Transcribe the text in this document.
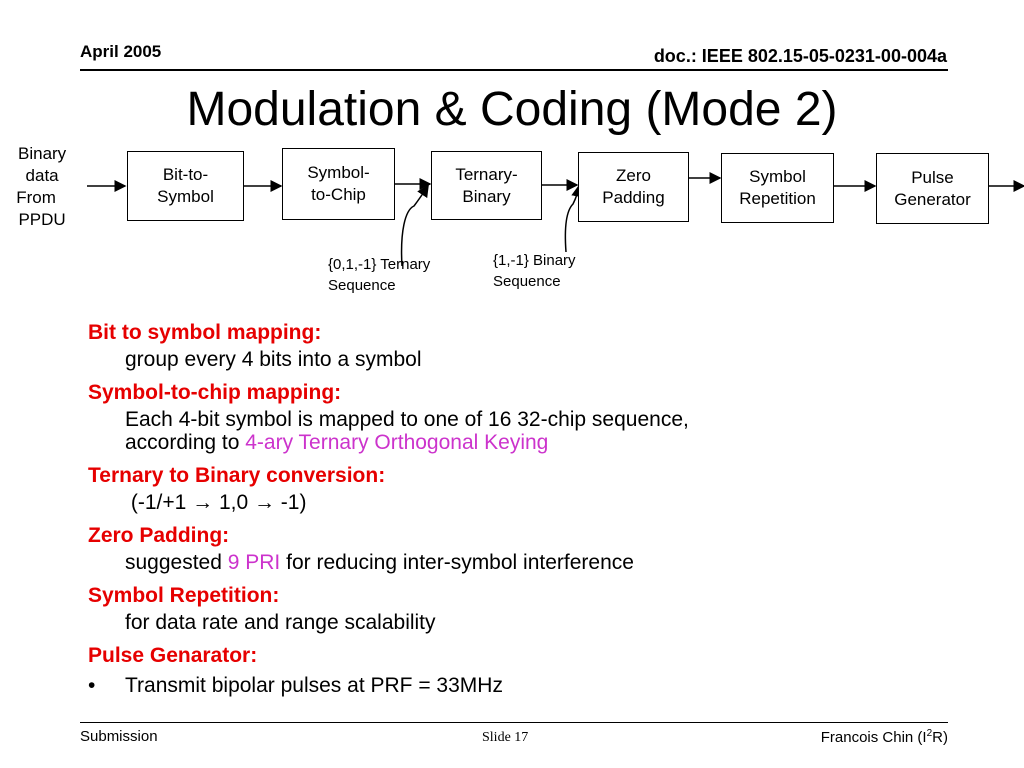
April 2005	doc.: IEEE 802.15-05-0231-00-004a
Modulation & Coding (Mode 2)
Binary
data
From
PPDU
Bit-to-
Symbol
Symbol-
to-Chip
Ternary-
Binary
Zero
Padding
Symbol
Repetition
Pulse
Generator
{0,1,-1} Ternary
Sequence
{1,-1} Binary
Sequence
Bit to symbol mapping:
group every 4 bits into a symbol
Symbol-to-chip mapping:
Each 4-bit symbol is mapped to one of 16 32-chip sequence,
according to 4-ary Ternary Orthogonal Keying
Ternary to Binary conversion:
(-1/+1 → 1,0 → -1)
Zero Padding:
suggested 9 PRI for reducing inter-symbol interference
Symbol Repetition:
for data rate and range scalability
Pulse Genarator:
• Transmit bipolar pulses at PRF = 33MHz
Submission	Slide 17	Francois Chin $(I^2R)$
